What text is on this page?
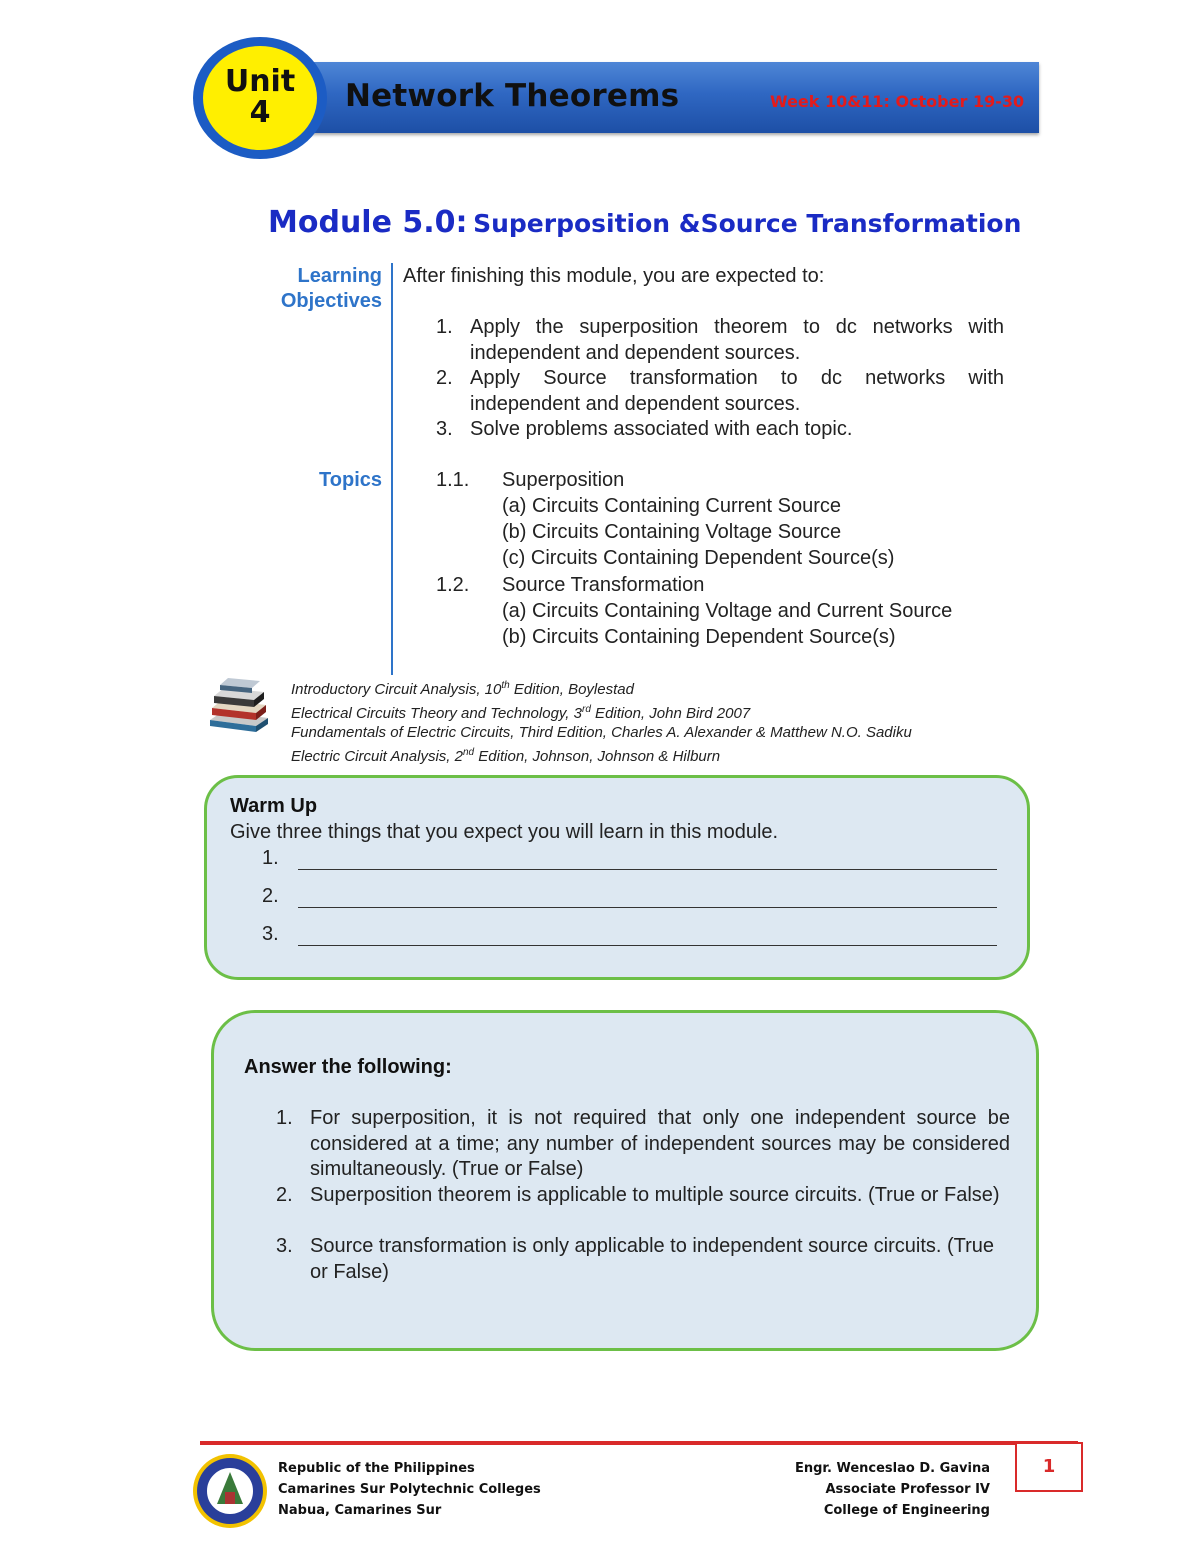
Network Theorems	Week 10&11: October 19-30
Unit
4
Module 5.0: Superposition &Source Transformation
Learning
Objectives
After finishing this module, you are expected to:
1. Apply the superposition theorem to dc networks with independent and dependent sources.
2. Apply Source transformation to dc networks with independent and dependent sources.
3. Solve problems associated with each topic.
Topics	1.1. Superposition
(a) Circuits Containing Current Source
(b) Circuits Containing Voltage Source
(c) Circuits Containing Dependent Source(s)
1.2. Source Transformation
(a) Circuits Containing Voltage and Current Source
(b) Circuits Containing Dependent Source(s)
Introductory Circuit Analysis, 10th Edition, Boylestad
Electrical Circuits Theory and Technology, 3rd Edition, John Bird 2007
Fundamentals of Electric Circuits, Third Edition, Charles A. Alexander & Matthew N.O. Sadiku
Electric Circuit Analysis, 2nd Edition, Johnson, Johnson & Hilburn
Warm Up
Give three things that you expect you will learn in this module.
1.
2.
3.
Answer the following:
1. For superposition, it is not required that only one independent source be considered at a time; any number of independent sources may be considered simultaneously. (True or False)
2. Superposition theorem is applicable to multiple source circuits. (True or False)
3. Source transformation is only applicable to independent source circuits. (True or False)
Republic of the Philippines
Camarines Sur Polytechnic Colleges
Nabua, Camarines Sur
Engr. Wenceslao D. Gavina
Associate Professor IV
College of Engineering
1
